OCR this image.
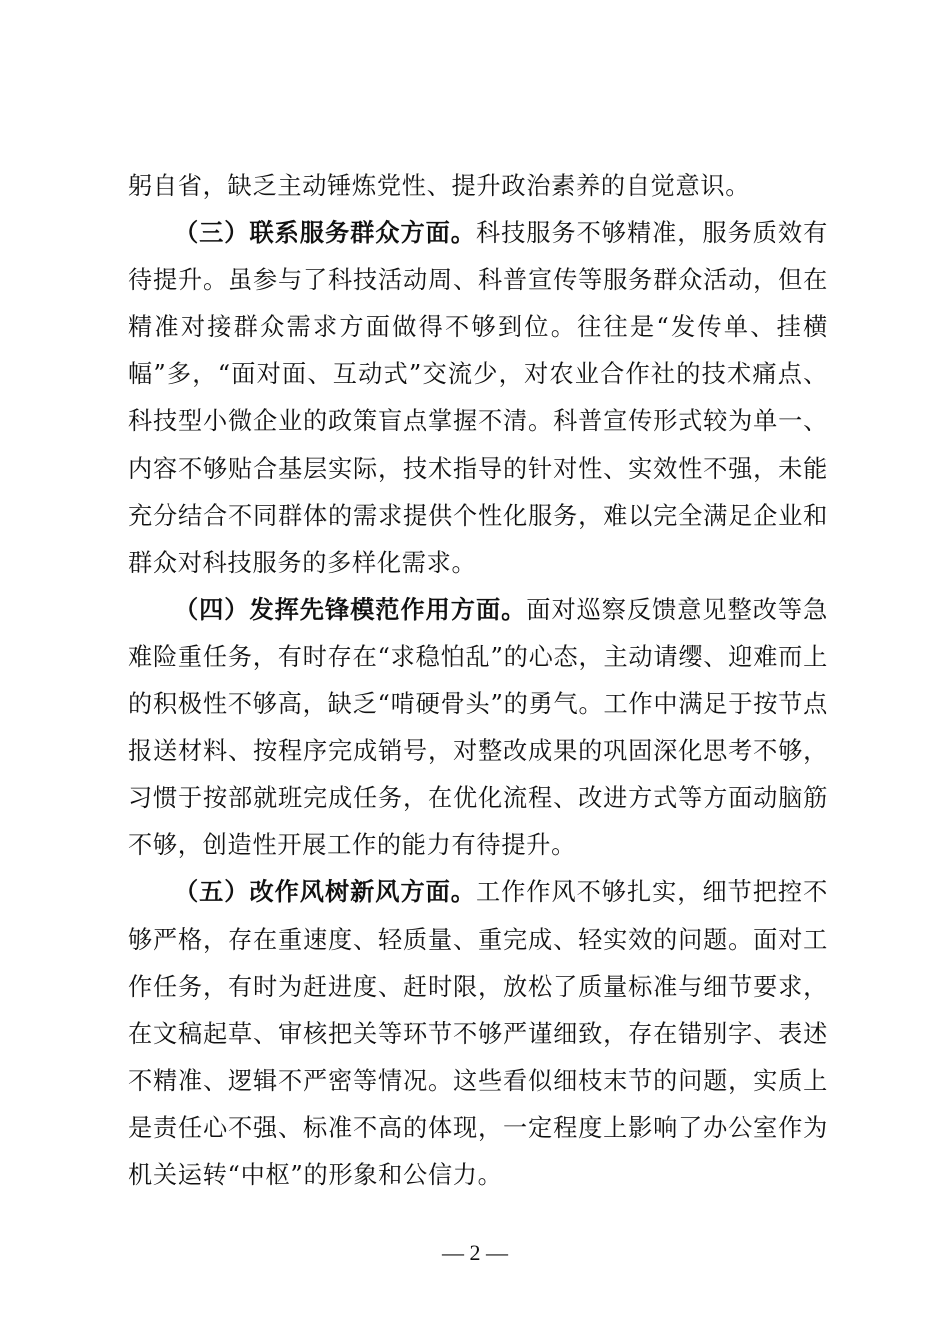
躬自省，缺乏主动锤炼党性、提升政治素养的自觉意识。

（三）联系服务群众方面。科技服务不够精准，服务质效有待提升。虽参与了科技活动周、科普宣传等服务群众活动，但在精准对接群众需求方面做得不够到位。往往是“发传单、挂横幅”多，“面对面、互动式”交流少，对农业合作社的技术痛点、科技型小微企业的政策盲点掌握不清。科普宣传形式较为单一、内容不够贴合基层实际，技术指导的针对性、实效性不强，未能充分结合不同群体的需求提供个性化服务，难以完全满足企业和群众对科技服务的多样化需求。

（四）发挥先锋模范作用方面。面对巡察反馈意见整改等急难险重任务，有时存在“求稳怕乱”的心态，主动请缨、迎难而上的积极性不够高，缺乏“啃硬骨头”的勇气。工作中满足于按节点报送材料、按程序完成销号，对整改成果的巩固深化思考不够，习惯于按部就班完成任务，在优化流程、改进方式等方面动脑筋不够，创造性开展工作的能力有待提升。

（五）改作风树新风方面。工作作风不够扎实，细节把控不够严格，存在重速度、轻质量、重完成、轻实效的问题。面对工作任务，有时为赶进度、赶时限，放松了质量标准与细节要求，在文稿起草、审核把关等环节不够严谨细致，存在错别字、表述不精准、逻辑不严密等情况。这些看似细枝末节的问题，实质上是责任心不强、标准不高的体现，一定程度上影响了办公室作为机关运转“中枢”的形象和公信力。

— 2 —
